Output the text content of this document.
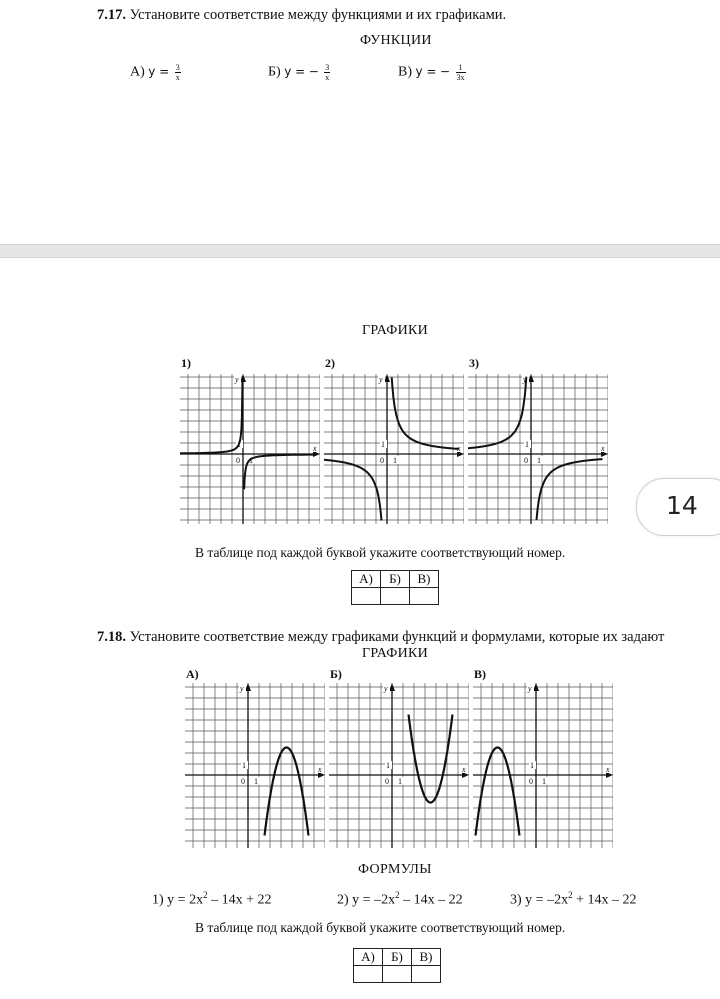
7.17. Установите соответствие между функциями и их графиками.
ФУНКЦИИ
А) $y = \frac{3}{x}$	Б) y = − $\frac{3}{x}$	В) y = − $\frac{1}{3x}$
ГРАФИКИ
1)	2)	3)
x
y
0 1
1	x
y
0 1
1	x
y
0 1
1
В таблице под каждой буквой укажите соответствующий номер.
А)	Б)	В)

14
7.18. Установите соответствие между графиками функций и формулами, которые их задают
ГРАФИКИ
А)	Б)	В)
x
y
0 1
1	x
y
0 1
1	x
y
0 1
1
ФОРМУЛЫ
1) $y = 2x^2 - 14x + 22$	2) $y = -2x^2 - 14x - 22$	3) $y = -2x^2 + 14x - 22$
В таблице под каждой буквой укажите соответствующий номер.
А)	Б)	В)
